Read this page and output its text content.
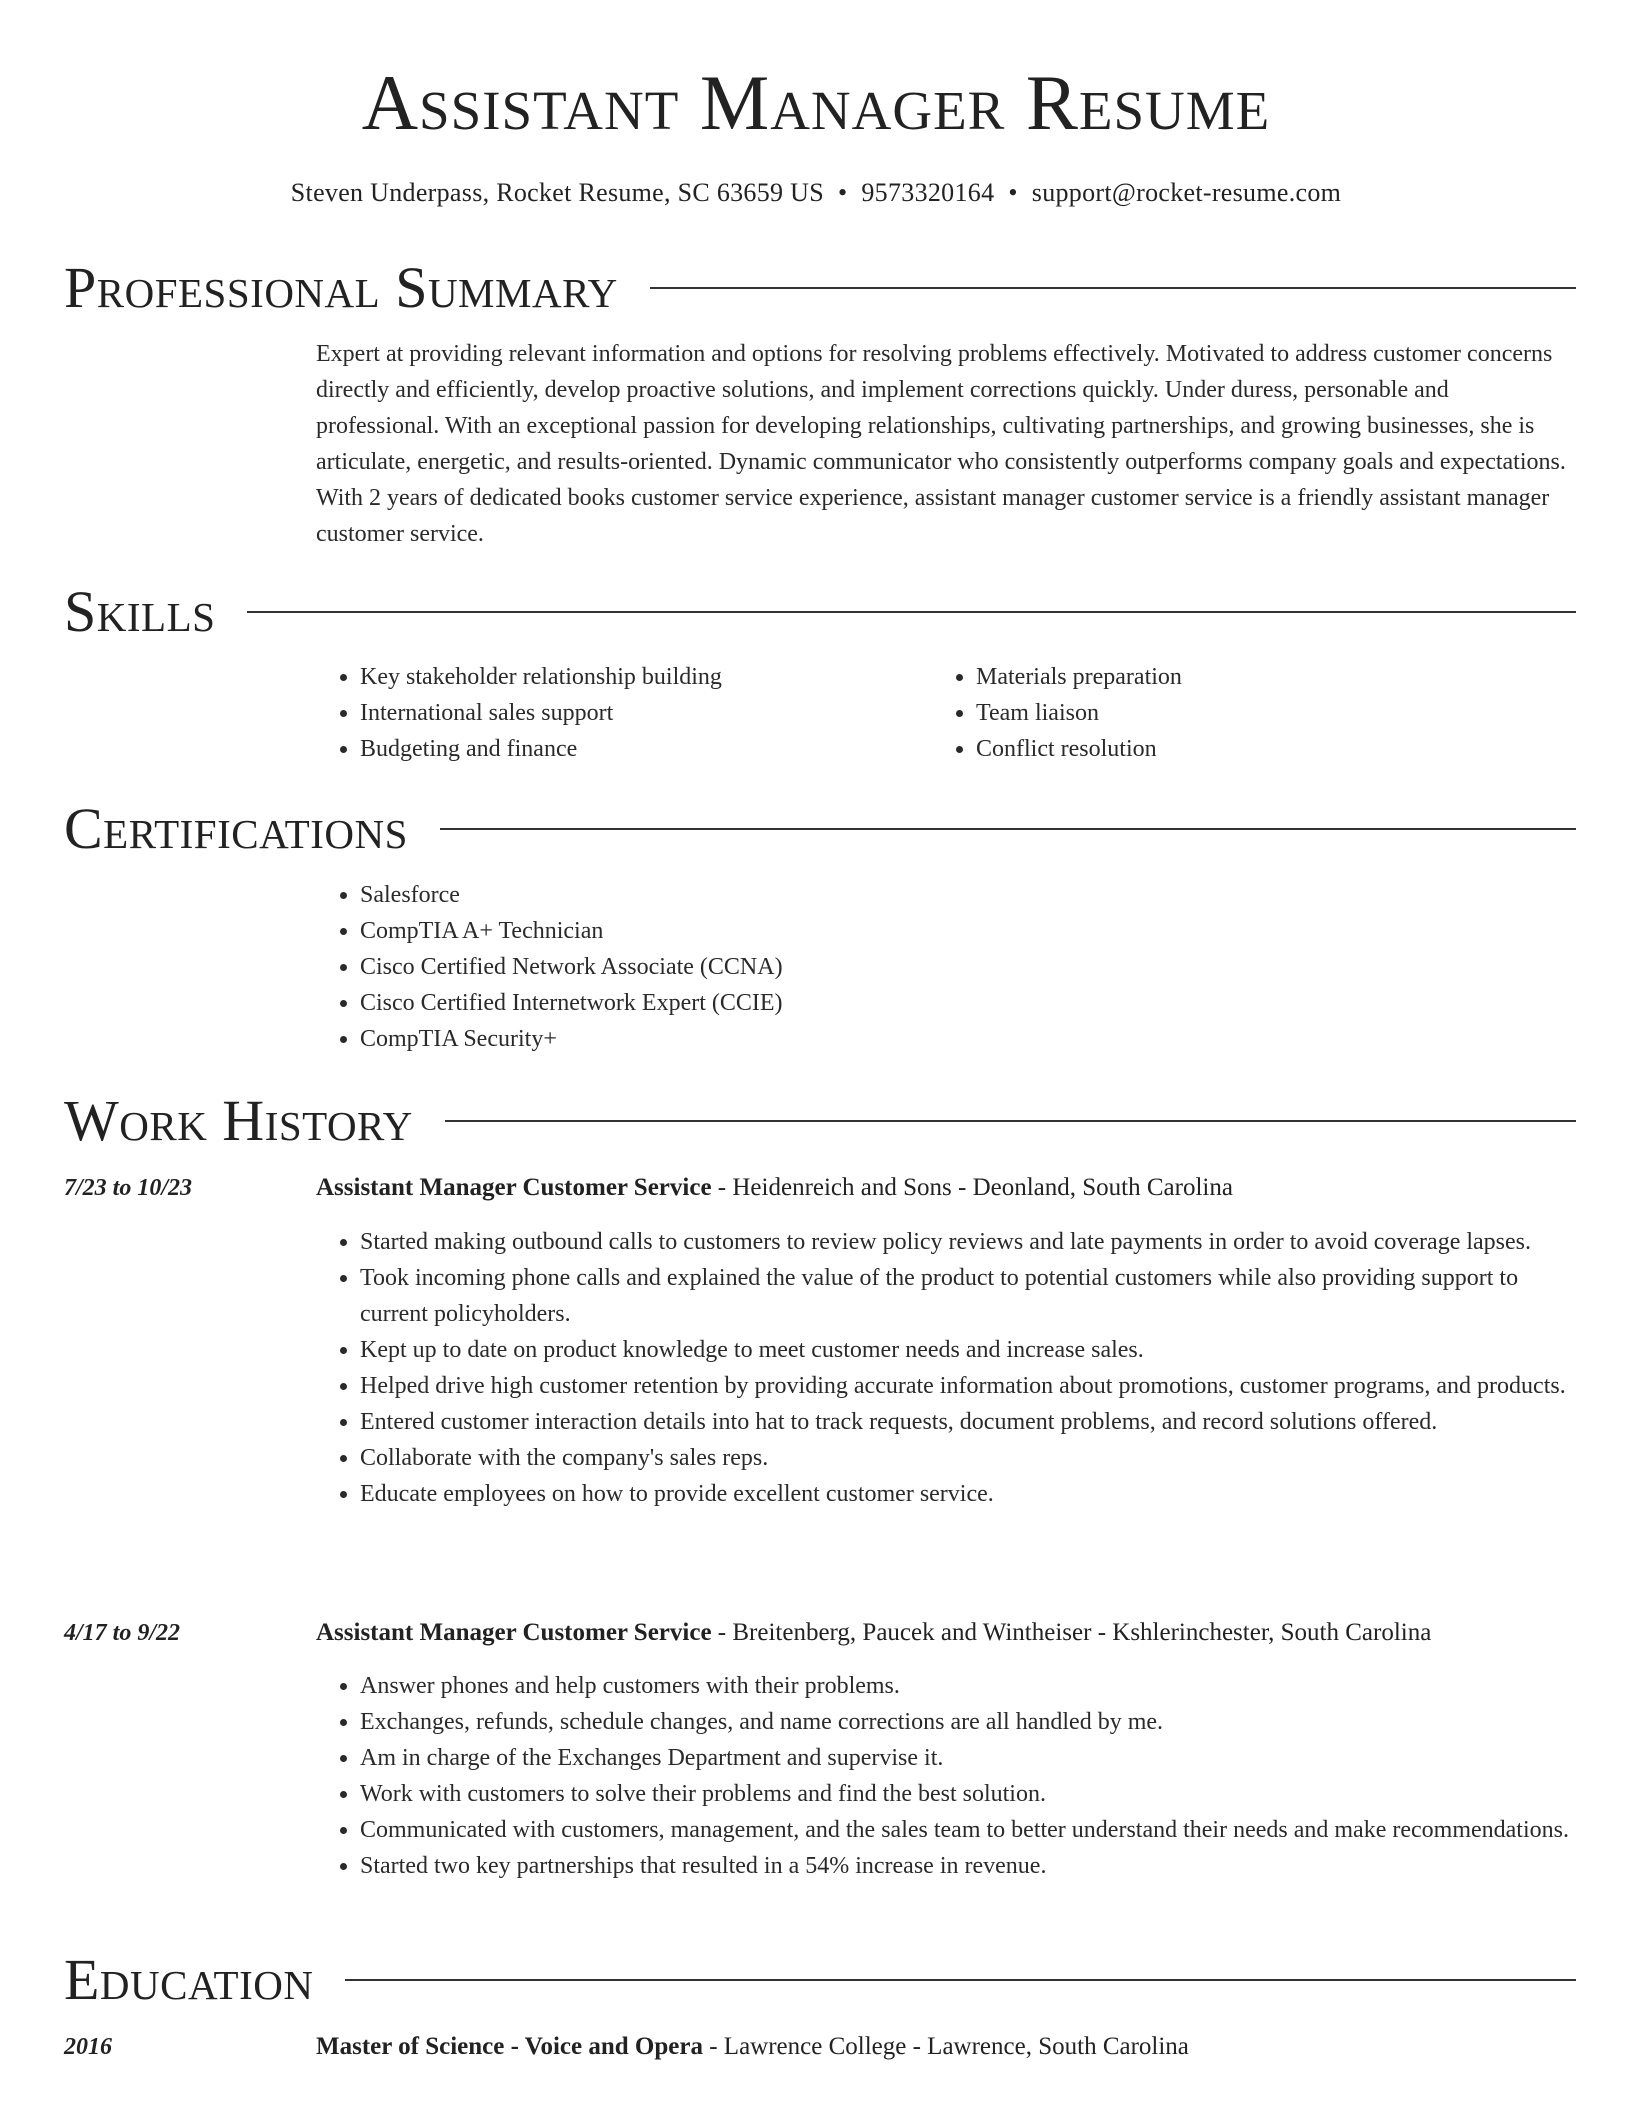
Assistant Manager Resume
Steven Underpass, Rocket Resume, SC 63659 US • 9573320164 • support@rocket-resume.com
Professional Summary
Expert at providing relevant information and options for resolving problems effectively. Motivated to address customer concerns directly and efficiently, develop proactive solutions, and implement corrections quickly. Under duress, personable and professional. With an exceptional passion for developing relationships, cultivating partnerships, and growing businesses, she is articulate, energetic, and results-oriented. Dynamic communicator who consistently outperforms company goals and expectations. With 2 years of dedicated books customer service experience, assistant manager customer service is a friendly assistant manager customer service.
Skills
• Key stakeholder relationship building
• International sales support
• Budgeting and finance
• Materials preparation
• Team liaison
• Conflict resolution
Certifications
• Salesforce
• CompTIA A+ Technician
• Cisco Certified Network Associate (CCNA)
• Cisco Certified Internetwork Expert (CCIE)
• CompTIA Security+
Work History
7/23 to 10/23	Assistant Manager Customer Service - Heidenreich and Sons - Deonland, South Carolina
• Started making outbound calls to customers to review policy reviews and late payments in order to avoid coverage lapses.
• Took incoming phone calls and explained the value of the product to potential customers while also providing support to current policyholders.
• Kept up to date on product knowledge to meet customer needs and increase sales.
• Helped drive high customer retention by providing accurate information about promotions, customer programs, and products.
• Entered customer interaction details into hat to track requests, document problems, and record solutions offered.
• Collaborate with the company's sales reps.
• Educate employees on how to provide excellent customer service.
4/17 to 9/22	Assistant Manager Customer Service - Breitenberg, Paucek and Wintheiser - Kshlerinchester, South Carolina
• Answer phones and help customers with their problems.
• Exchanges, refunds, schedule changes, and name corrections are all handled by me.
• Am in charge of the Exchanges Department and supervise it.
• Work with customers to solve their problems and find the best solution.
• Communicated with customers, management, and the sales team to better understand their needs and make recommendations.
• Started two key partnerships that resulted in a 54% increase in revenue.
Education
2016	Master of Science - Voice and Opera - Lawrence College - Lawrence, South Carolina
